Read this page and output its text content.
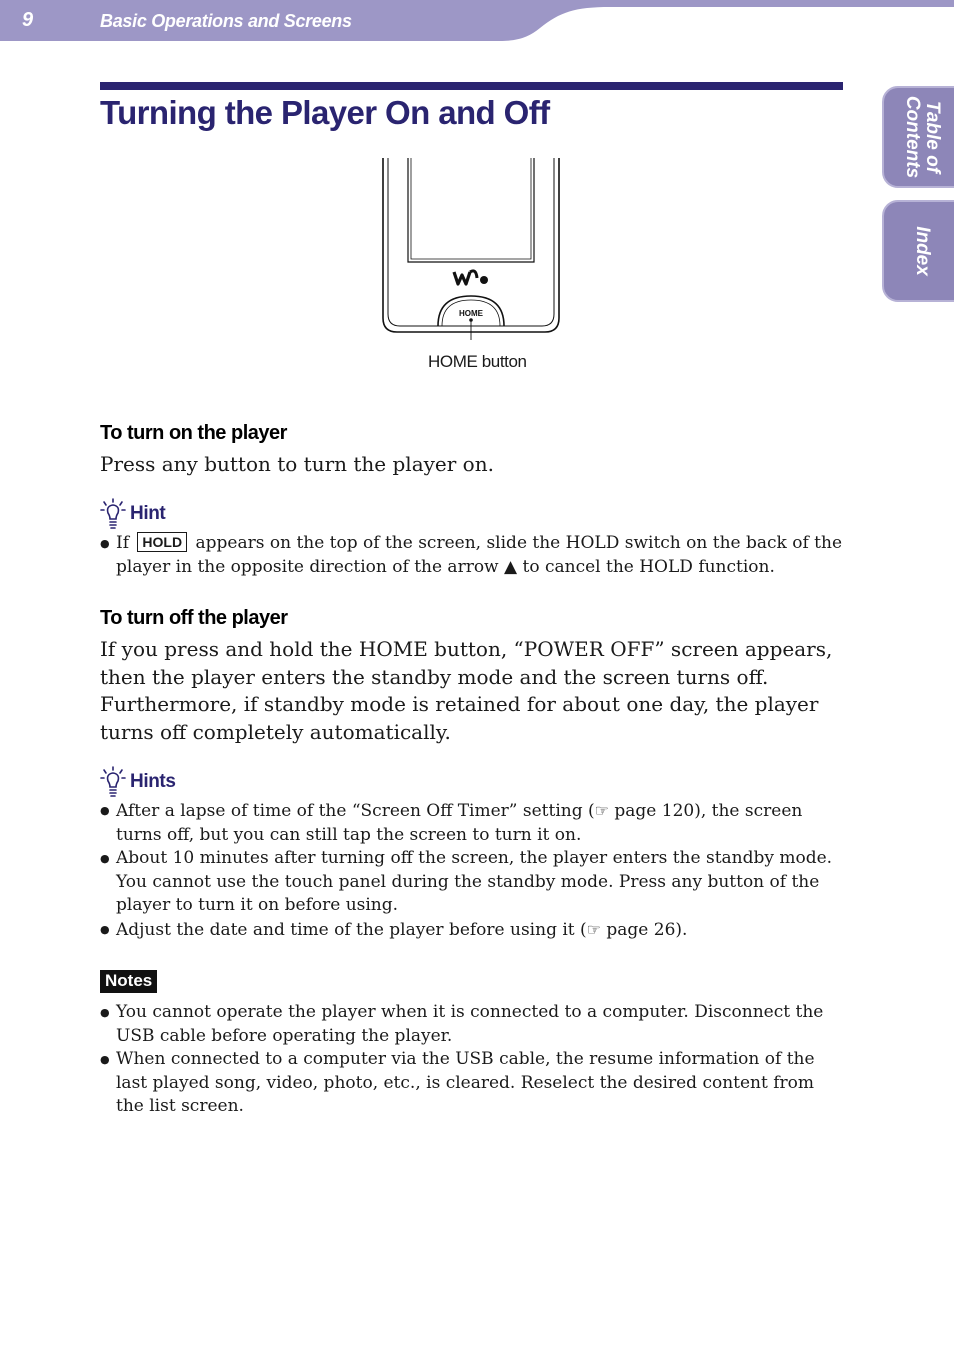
9	Basic Operations and Screens
Table of
Contents
Index
Turning the Player On and Off
HOME
HOME button
To turn on the player

Press any button to turn the player on.

Hint
● If HOLD appears on the top of the screen, slide the HOLD switch on the back of the
player in the opposite direction of the arrow ▲ to cancel the HOLD function.
To turn off the player

If you press and hold the HOME button, “POWER OFF” screen appears, then the player enters the standby mode and the screen turns off.

Furthermore, if standby mode is retained for about one day, the player turns off completely automatically.

Hints
● After a lapse of time of the “Screen Off Timer” setting (☞ page 120), the screen turns off, but you can still tap the screen to turn it on.
● About 10 minutes after turning off the screen, the player enters the standby mode. You cannot use the touch panel during the standby mode. Press any button of the player to turn it on before using.
● Adjust the date and time of the player before using it (☞ page 26).
Notes
● You cannot operate the player when it is connected to a computer. Disconnect the USB cable before operating the player.
● When connected to a computer via the USB cable, the resume information of the last played song, video, photo, etc., is cleared. Reselect the desired content from the list screen.
